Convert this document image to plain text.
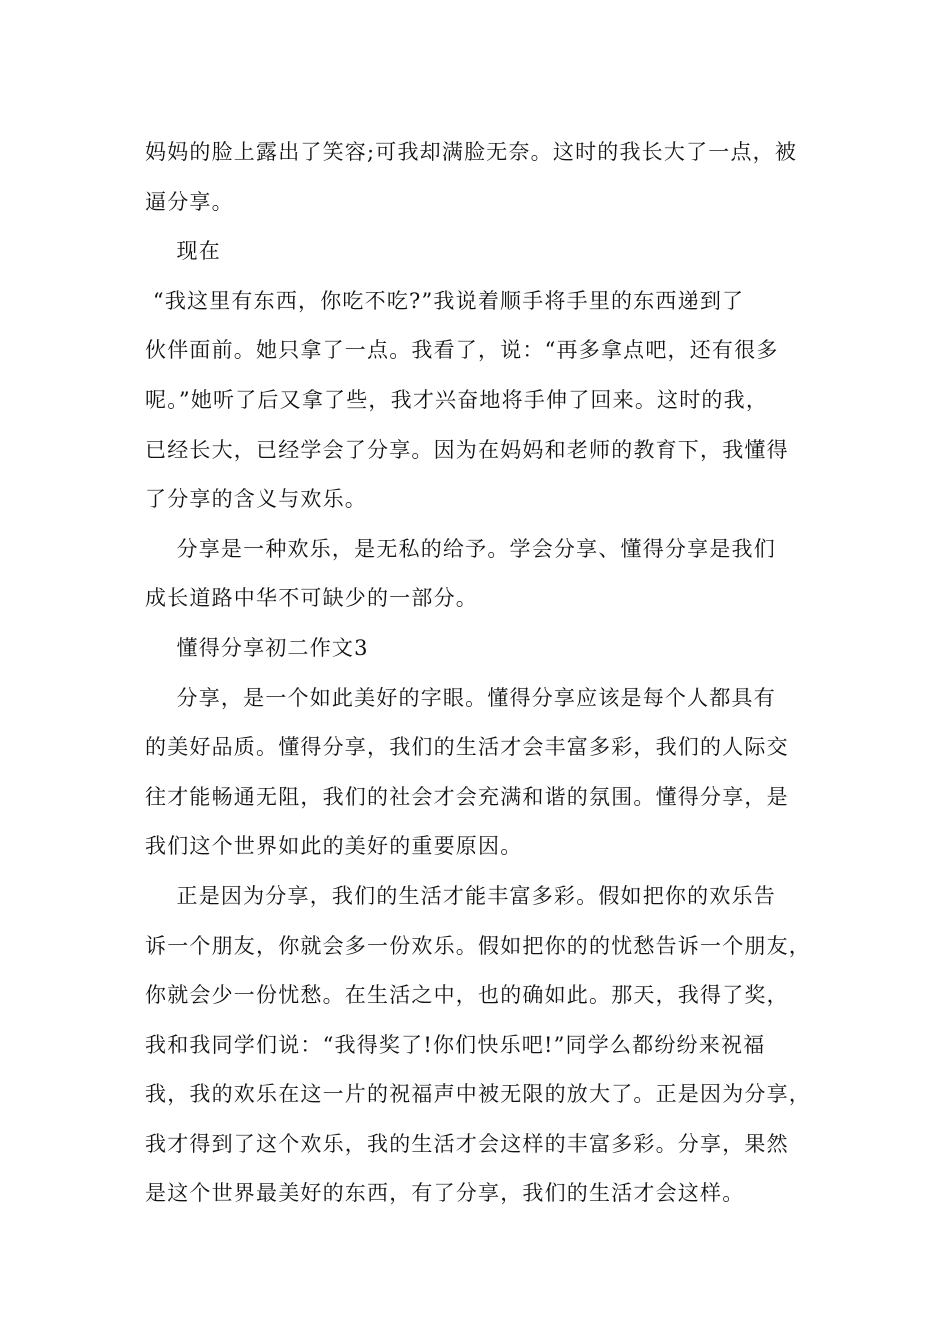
妈妈的脸上露出了笑容;可我却满脸无奈。这时的我长大了一点，被
逼分享。

现在

“我这里有东西，你吃不吃?”我说着顺手将手里的东西递到了
伙伴面前。她只拿了一点。我看了，说：“再多拿点吧，还有很多
呢。”她听了后又拿了些，我才兴奋地将手伸了回来。这时的我，
已经长大，已经学会了分享。因为在妈妈和老师的教育下，我懂得
了分享的含义与欢乐。

分享是一种欢乐，是无私的给予。学会分享、懂得分享是我们
成长道路中华不可缺少的一部分。

懂得分享初二作文3

分享，是一个如此美好的字眼。懂得分享应该是每个人都具有
的美好品质。懂得分享，我们的生活才会丰富多彩，我们的人际交
往才能畅通无阻，我们的社会才会充满和谐的氛围。懂得分享，是
我们这个世界如此的美好的重要原因。

正是因为分享，我们的生活才能丰富多彩。假如把你的欢乐告
诉一个朋友，你就会多一份欢乐。假如把你的的忧愁告诉一个朋友，
你就会少一份忧愁。在生活之中，也的确如此。那天，我得了奖，
我和我同学们说：“我得奖了!你们快乐吧!”同学么都纷纷来祝福
我，我的欢乐在这一片的祝福声中被无限的放大了。正是因为分享，
我才得到了这个欢乐，我的生活才会这样的丰富多彩。分享，果然
是这个世界最美好的东西，有了分享，我们的生活才会这样。
